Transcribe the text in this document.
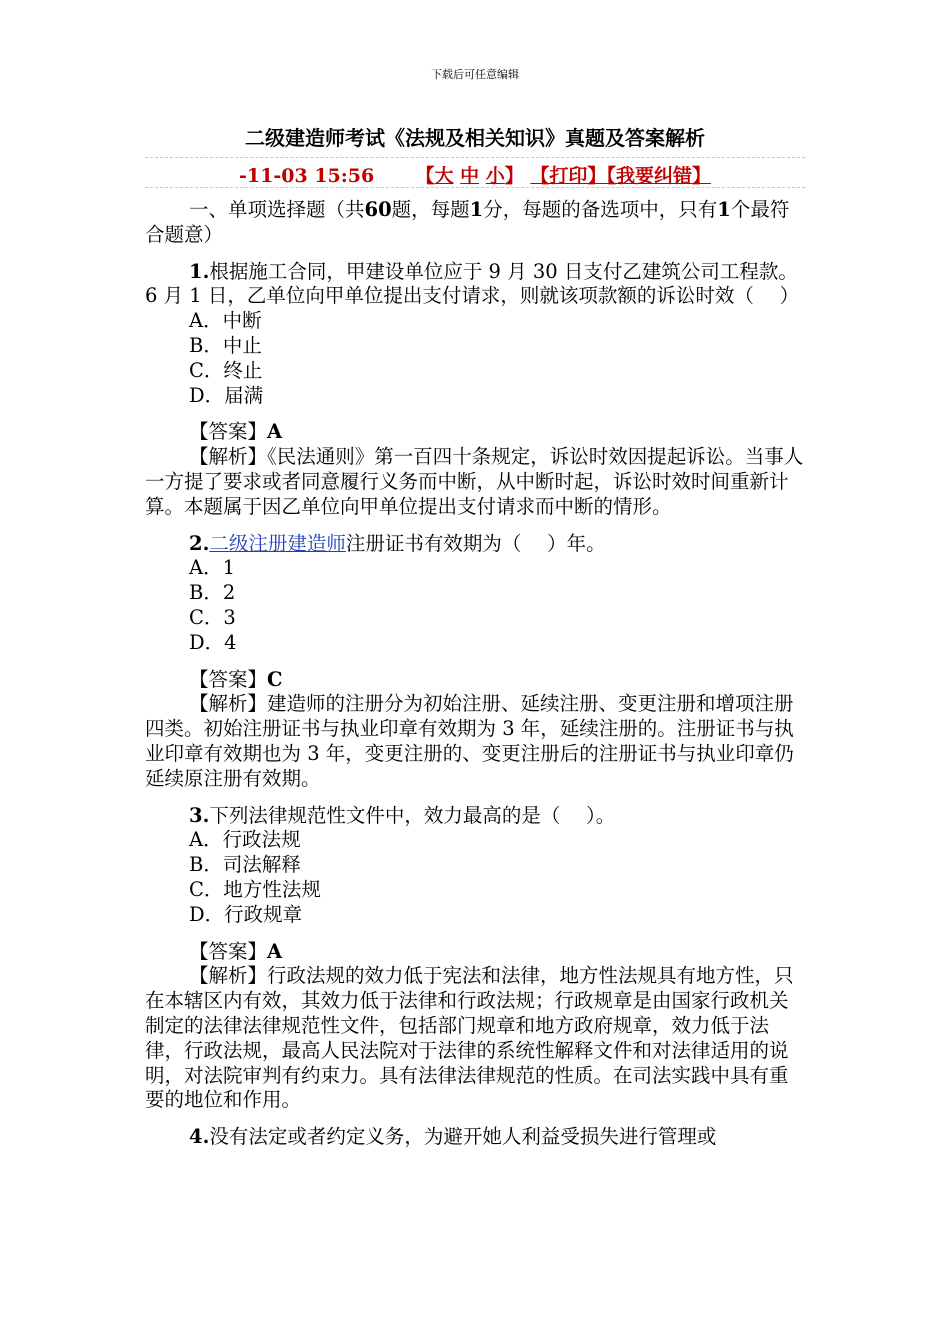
下载后可任意编辑
二级建造师考试《法规及相关知识》真题及答案解析
-11-03 15:56 【大 中 小】 【打印】【我要纠错】

一、单项选择题（共60题，每题1分，每题的备选项中，只有1个最符合题意）

1.根据施工合同，甲建设单位应于 9 月 30 日支付乙建筑公司工程款。 6 月 1 日，乙单位向甲单位提出支付请求，则就该项款额的诉讼时效（　 ）

A．中断

B．中止

C．终止

D．届满

【答案】A

【解析】《民法通则》第一百四十条规定，诉讼时效因提起诉讼。当事人一方提了要求或者同意履行义务而中断，从中断时起，诉讼时效时间重新计算。本题属于因乙单位向甲单位提出支付请求而中断的情形。

2.二级注册建造师注册证书有效期为（　 ）年。

A．1

B．2

C．3

D．4

【答案】C

【解析】建造师的注册分为初始注册、延续注册、变更注册和增项注册四类。初始注册证书与执业印章有效期为 3 年，延续注册的。注册证书与执业印章有效期也为 3 年，变更注册的、变更注册后的注册证书与执业印章仍延续原注册有效期。

3.下列法律规范性文件中，效力最高的是（　 ）。

A．行政法规

B．司法解释

C．地方性法规

D．行政规章

【答案】A

【解析】行政法规的效力低于宪法和法律，地方性法规具有地方性，只在本辖区内有效，其效力低于法律和行政法规；行政规章是由国家行政机关制定的法律法律规范性文件，包括部门规章和地方政府规章，效力低于法律，行政法规，最高人民法院对于法律的系统性解释文件和对法律适用的说明，对法院审判有约束力。具有法律法律规范的性质。在司法实践中具有重要的地位和作用。

4.没有法定或者约定义务，为避开她人利益受损失进行管理或
